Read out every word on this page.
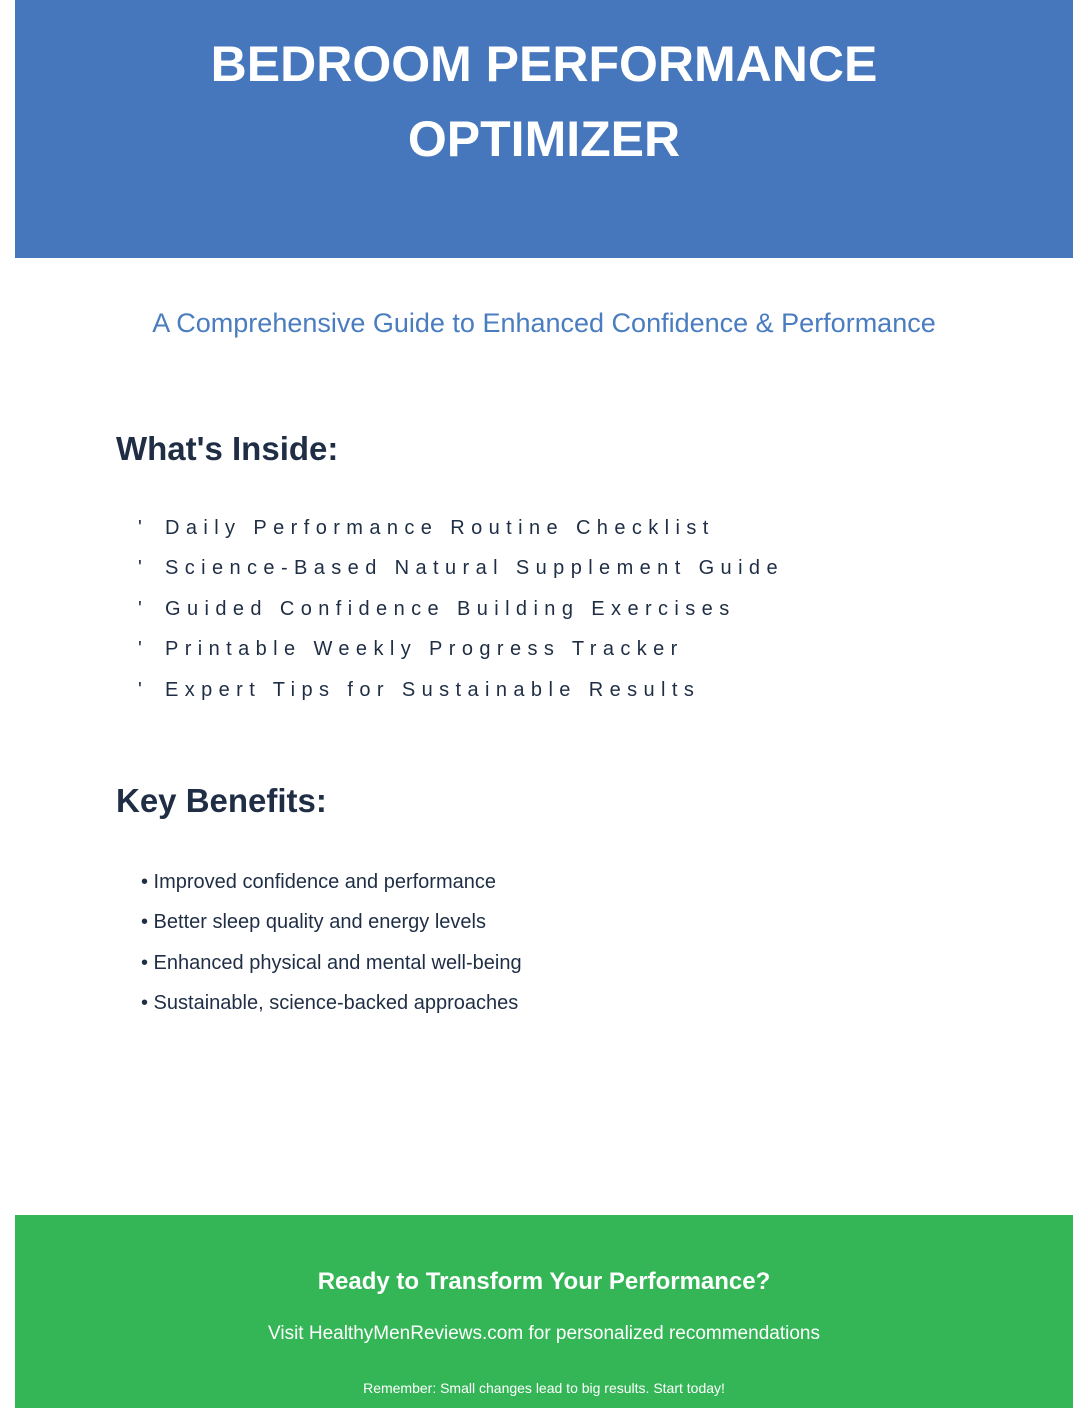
BEDROOM PERFORMANCE
OPTIMIZER

A Comprehensive Guide to Enhanced Confidence & Performance

What's Inside:
' Daily Performance Routine Checklist
' Science-Based Natural Supplement Guide
' Guided Confidence Building Exercises
' Printable Weekly Progress Tracker
' Expert Tips for Sustainable Results
Key Benefits:
• Improved confidence and performance
• Better sleep quality and energy levels
• Enhanced physical and mental well-being
• Sustainable, science-backed approaches
Ready to Transform Your Performance?

Visit HealthyMenReviews.com for personalized recommendations

Remember: Small changes lead to big results. Start today!
